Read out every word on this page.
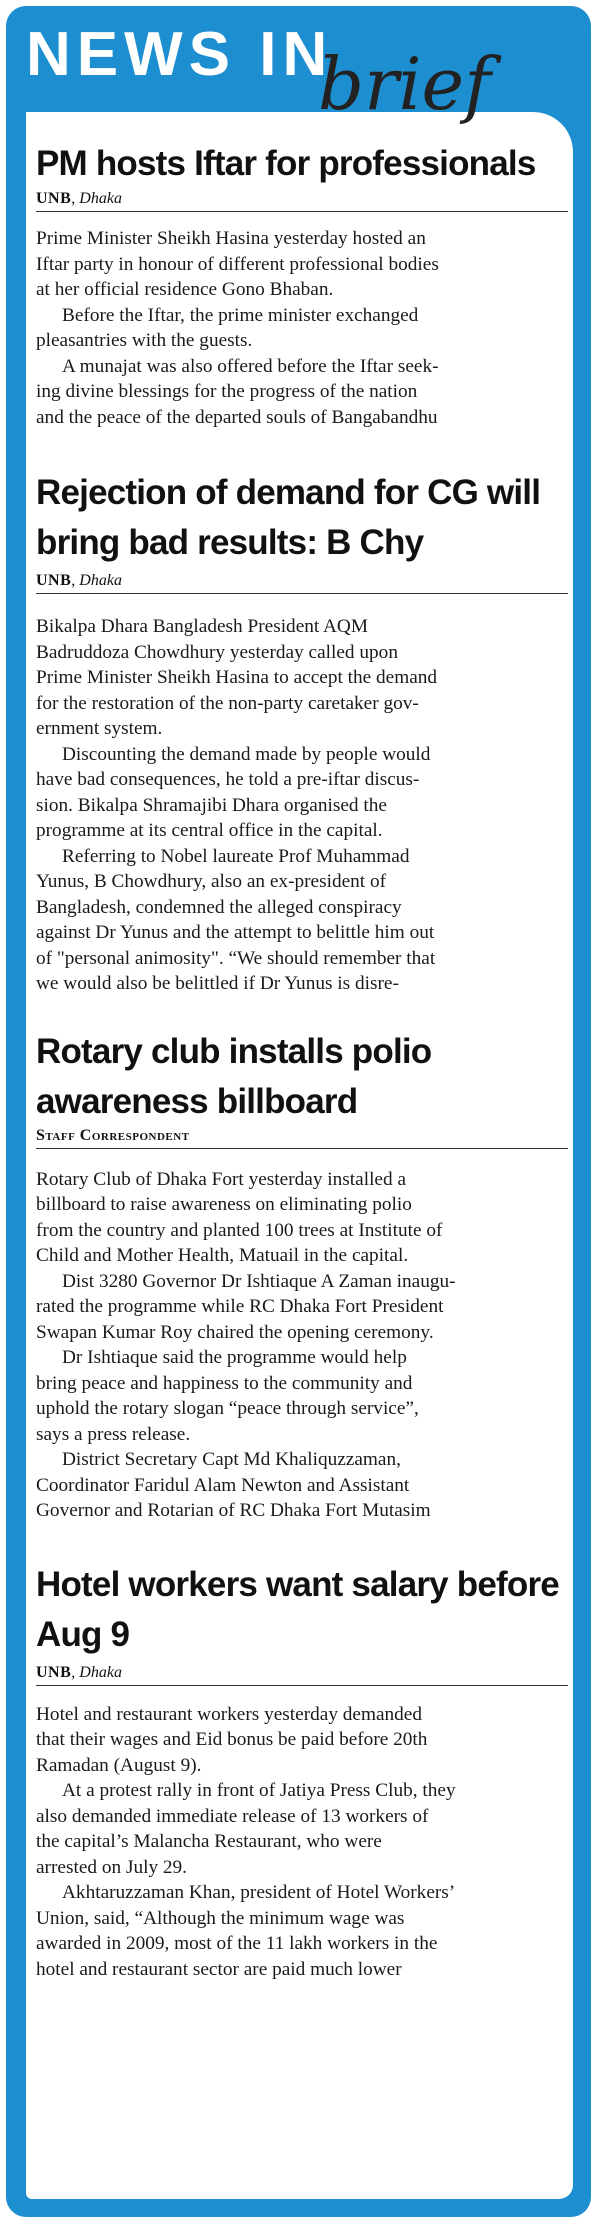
NEWS IN
brief
PM hosts Iftar for professionals
UNB, Dhaka

Prime Minister Sheikh Hasina yesterday hosted an
Iftar party in honour of different professional bodies
at her official residence Gono Bhaban.

Before the Iftar, the prime minister exchanged
pleasantries with the guests.

A munajat was also offered before the Iftar seek-
ing divine blessings for the progress of the nation
and the peace of the departed souls of Bangabandhu

Rejection of demand for CG will bring bad results: B Chy
UNB, Dhaka

Bikalpa Dhara Bangladesh President AQM
Badruddoza Chowdhury yesterday called upon
Prime Minister Sheikh Hasina to accept the demand
for the restoration of the non-party caretaker gov-
ernment system.

Discounting the demand made by people would
have bad consequences, he told a pre-iftar discus-
sion. Bikalpa Shramajibi Dhara organised the
programme at its central office in the capital.

Referring to Nobel laureate Prof Muhammad
Yunus, B Chowdhury, also an ex-president of
Bangladesh, condemned the alleged conspiracy
against Dr Yunus and the attempt to belittle him out
of "personal animosity". “We should remember that
we would also be belittled if Dr Yunus is disre-

Rotary club installs polio awareness billboard
Staff Correspondent

Rotary Club of Dhaka Fort yesterday installed a
billboard to raise awareness on eliminating polio
from the country and planted 100 trees at Institute of
Child and Mother Health, Matuail in the capital.

Dist 3280 Governor Dr Ishtiaque A Zaman inaugu-
rated the programme while RC Dhaka Fort President
Swapan Kumar Roy chaired the opening ceremony.

Dr Ishtiaque said the programme would help
bring peace and happiness to the community and
uphold the rotary slogan “peace through service”,
says a press release.

District Secretary Capt Md Khaliquzzaman,
Coordinator Faridul Alam Newton and Assistant
Governor and Rotarian of RC Dhaka Fort Mutasim

Hotel workers want salary before Aug 9
UNB, Dhaka

Hotel and restaurant workers yesterday demanded
that their wages and Eid bonus be paid before 20th
Ramadan (August 9).

At a protest rally in front of Jatiya Press Club, they
also demanded immediate release of 13 workers of
the capital’s Malancha Restaurant, who were
arrested on July 29.

Akhtaruzzaman Khan, president of Hotel Workers’
Union, said, “Although the minimum wage was
awarded in 2009, most of the 11 lakh workers in the
hotel and restaurant sector are paid much lower
